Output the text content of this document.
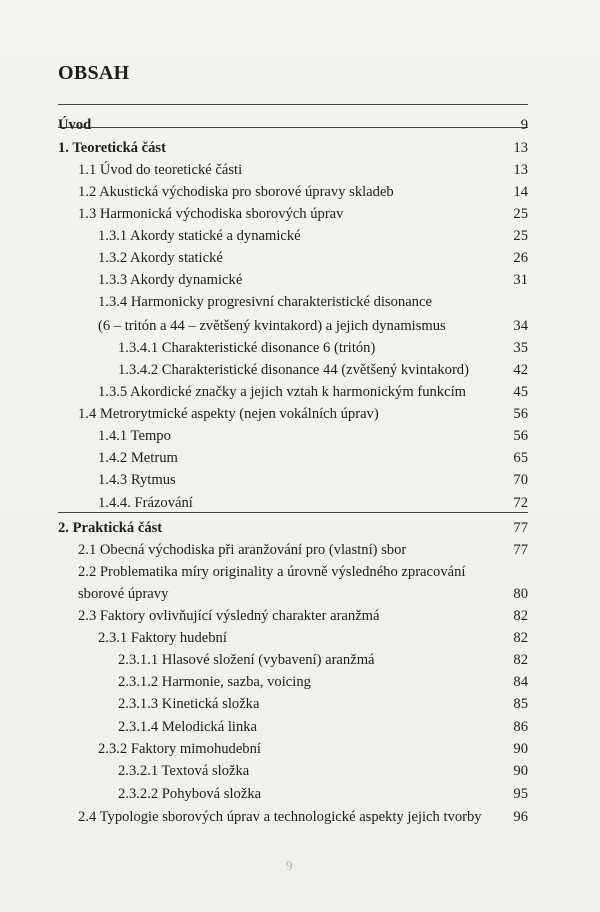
OBSAH
Úvod	9
1. Teoretická část	13
1.1 Úvod do teoretické části	13
1.2 Akustická východiska pro sborové úpravy skladeb	14
1.3 Harmonická východiska sborových úprav	25
1.3.1 Akordy statické a dynamické	25
1.3.2 Akordy statické	26
1.3.3 Akordy dynamické	31
1.3.4 Harmonicky progresivní charakteristické disonance
(6 – tritón a 44 – zvětšený kvintakord) a jejich dynamismus	34
1.3.4.1 Charakteristické disonance 6 (tritón)	35
1.3.4.2 Charakteristické disonance 44 (zvětšený kvintakord)	42
1.3.5 Akordické značky a jejich vztah k harmonickým funkcím	45
1.4 Metrorytmické aspekty (nejen vokálních úprav)	56
1.4.1 Tempo	56
1.4.2 Metrum	65
1.4.3 Rytmus	70
1.4.4. Frázování	72
2. Praktická část	77
2.1 Obecná východiska při aranžování pro (vlastní) sbor	77
2.2 Problematika míry originality a úrovně výsledného zpracování
sborové úpravy	80
2.3 Faktory ovlivňující výsledný charakter aranžmá	82
2.3.1 Faktory hudební	82
2.3.1.1 Hlasové složení (vybavení) aranžmá	82
2.3.1.2 Harmonie, sazba, voicing	84
2.3.1.3 Kinetická složka	85
2.3.1.4 Melodická linka	86
2.3.2 Faktory mimohudební	90
2.3.2.1 Textová složka	90
2.3.2.2 Pohybová složka	95
2.4 Typologie sborových úprav a technologické aspekty jejich tvorby 96
9
